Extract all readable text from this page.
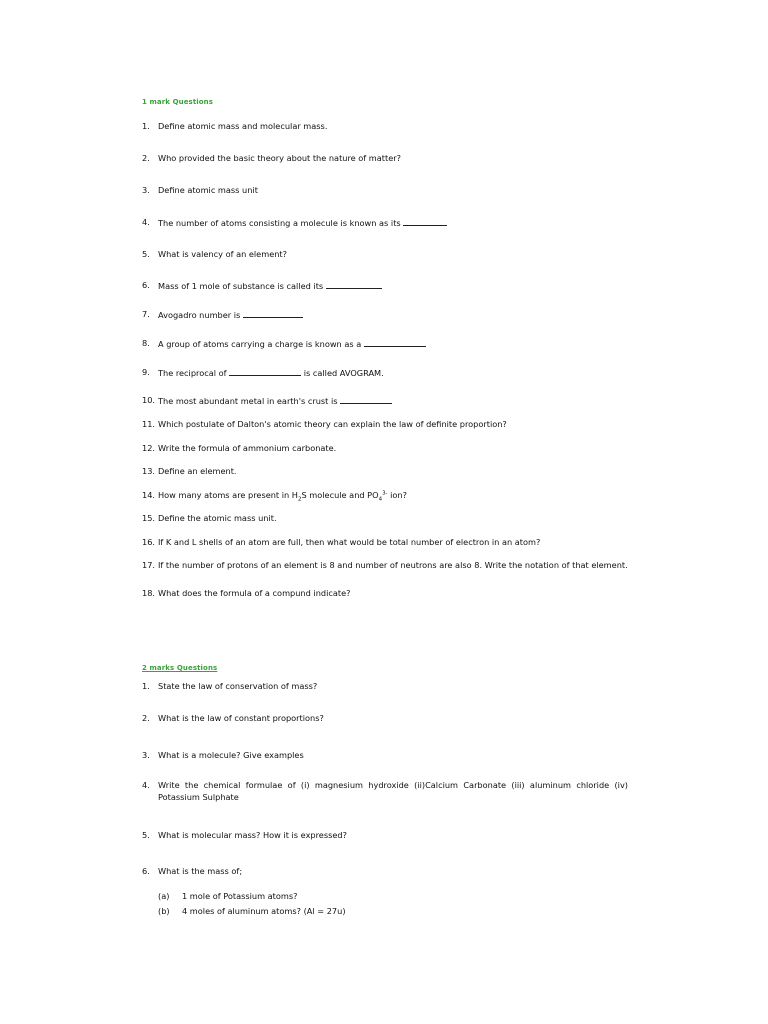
1 mark Questions
1. Define atomic mass and molecular mass.
2. Who provided the basic theory about the nature of matter?
3. Define atomic mass unit
4. The number of atoms consisting a molecule is known as its
5. What is valency of an element?
6. Mass of 1 mole of substance is called its
7. Avogadro number is
8. A group of atoms carrying a charge is known as a
9. The reciprocal of	is called AVOGRAM.
10. The most abundant metal in earth's crust is
11. Which postulate of Dalton's atomic theory can explain the law of definite proportion?
12. Write the formula of ammonium carbonate.
13. Define an element.
14. How many atoms are present in $H_2S$ molecule and $PO_4^{3-}$ ion?
15. Define the atomic mass unit.
16. If K and L shells of an atom are full, then what would be total number of electron in an atom?
17. If the number of protons of an element is 8 and number of neutrons are also 8. Write the notation of that element.
18. What does the formula of a compund indicate?
2 marks Questions
1. State the law of conservation of mass?
2. What is the law of constant proportions?
3. What is a molecule? Give examples
4. Write the chemical formulae of (i) magnesium hydroxide (ii)Calcium Carbonate (iii) aluminum chloride (iv) Potassium Sulphate
5. What is molecular mass? How it is expressed?
6. What is the mass of;
(a)	1 mole of Potassium atoms?
(b)	4 moles of aluminum atoms? (Al = 27u)
